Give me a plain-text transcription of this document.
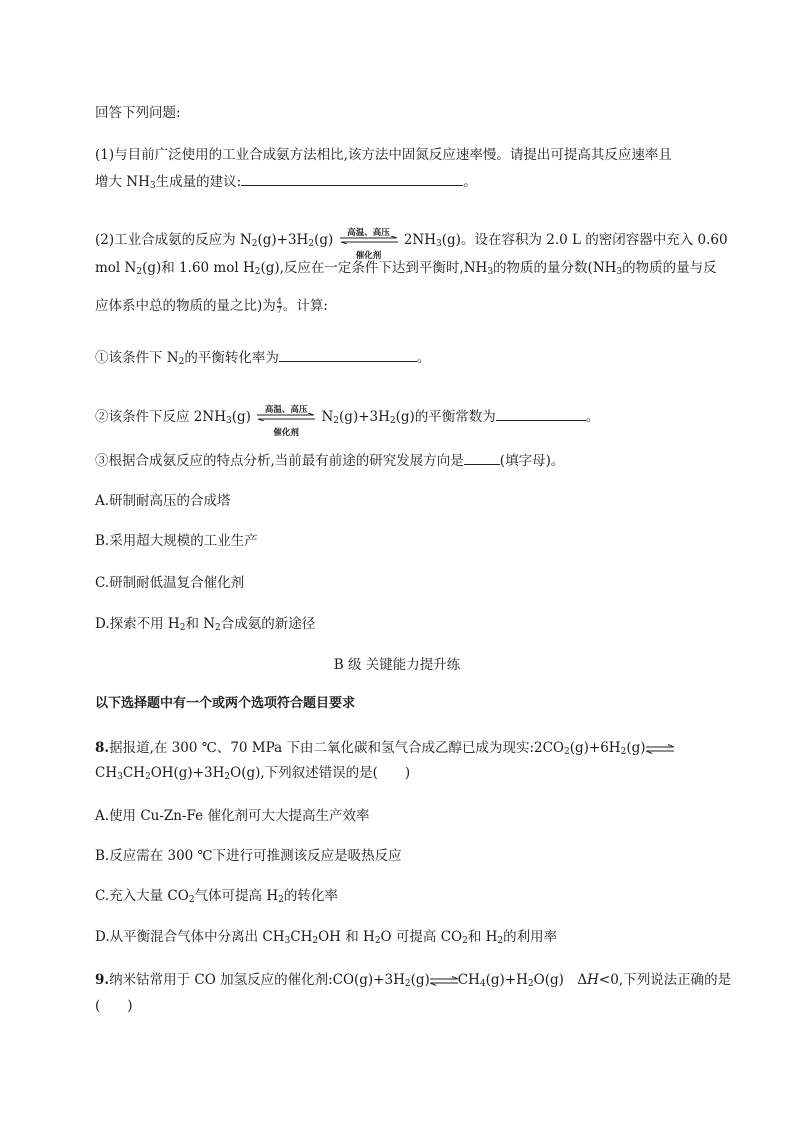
回答下列问题:
(1)与目前广泛使用的工业合成氨方法相比,该方法中固氮反应速率慢。请提出可提高其反应速率且
增大 $NH_3$生成量的建议:	。
(2)工业合成氨的反应为 $N_2(g)+3H_2(g)$	高温、高压
催化剂
$2NH_3(g)$。设在容积为 2.0 L 的密闭容器中充入 0.60
mol $N_2(g)$和 1.60 mol $H_2(g)$,反应在一定条件下达到平衡时$,NH_3$的物质的量分数($NH_3$的物质的量与反
应体系中总的物质的量之比)为 $\frac{4}{7}$ 。计算:
①该条件下 $N_2$的平衡转化率为	。
②该条件下反应 $2NH_3(g)$	高温、高压
催化剂
$N_2(g)+3H_2(g)$的平衡常数为	。
③根据合成氨反应的特点分析,当前最有前途的研究发展方向是	(填字母)。
A.研制耐高压的合成塔
B.采用超大规模的工业生产
C.研制耐低温复合催化剂
D.探索不用 $H_2$和 $N_2$合成氨的新途径
B 级 关键能力提升练
以下选择题中有一个或两个选项符合题目要求
8.据报道,在 300 ℃、70 MPa 下由二氧化碳和氢气合成乙醇已成为现实$:2CO_2(g)+6H_2(g)\rightleftharpoons$
$CH_3CH_2OH(g)+3H_2O(g)$,下列叙述错误的是(　　)
A.使用 Cu-Zn-Fe 催化剂可大大提高生产效率
B.反应需在 300 ℃下进行可推测该反应是吸热反应
C.充入大量 $CO_2$气体可提高 $H_2$的转化率
D.从平衡混合气体中分离出 $CH_3CH_2OH$ 和 $H_2O$ 可提高 $CO_2$和 $H_2$的利用率
9.纳米钴常用于 CO 加氢反应的催化剂$:CO(g)+3H_2(g)\rightleftharpoons CH_4(g)+H_2O(g)$　ΔH<0,下列说法正确的是
(　　)
